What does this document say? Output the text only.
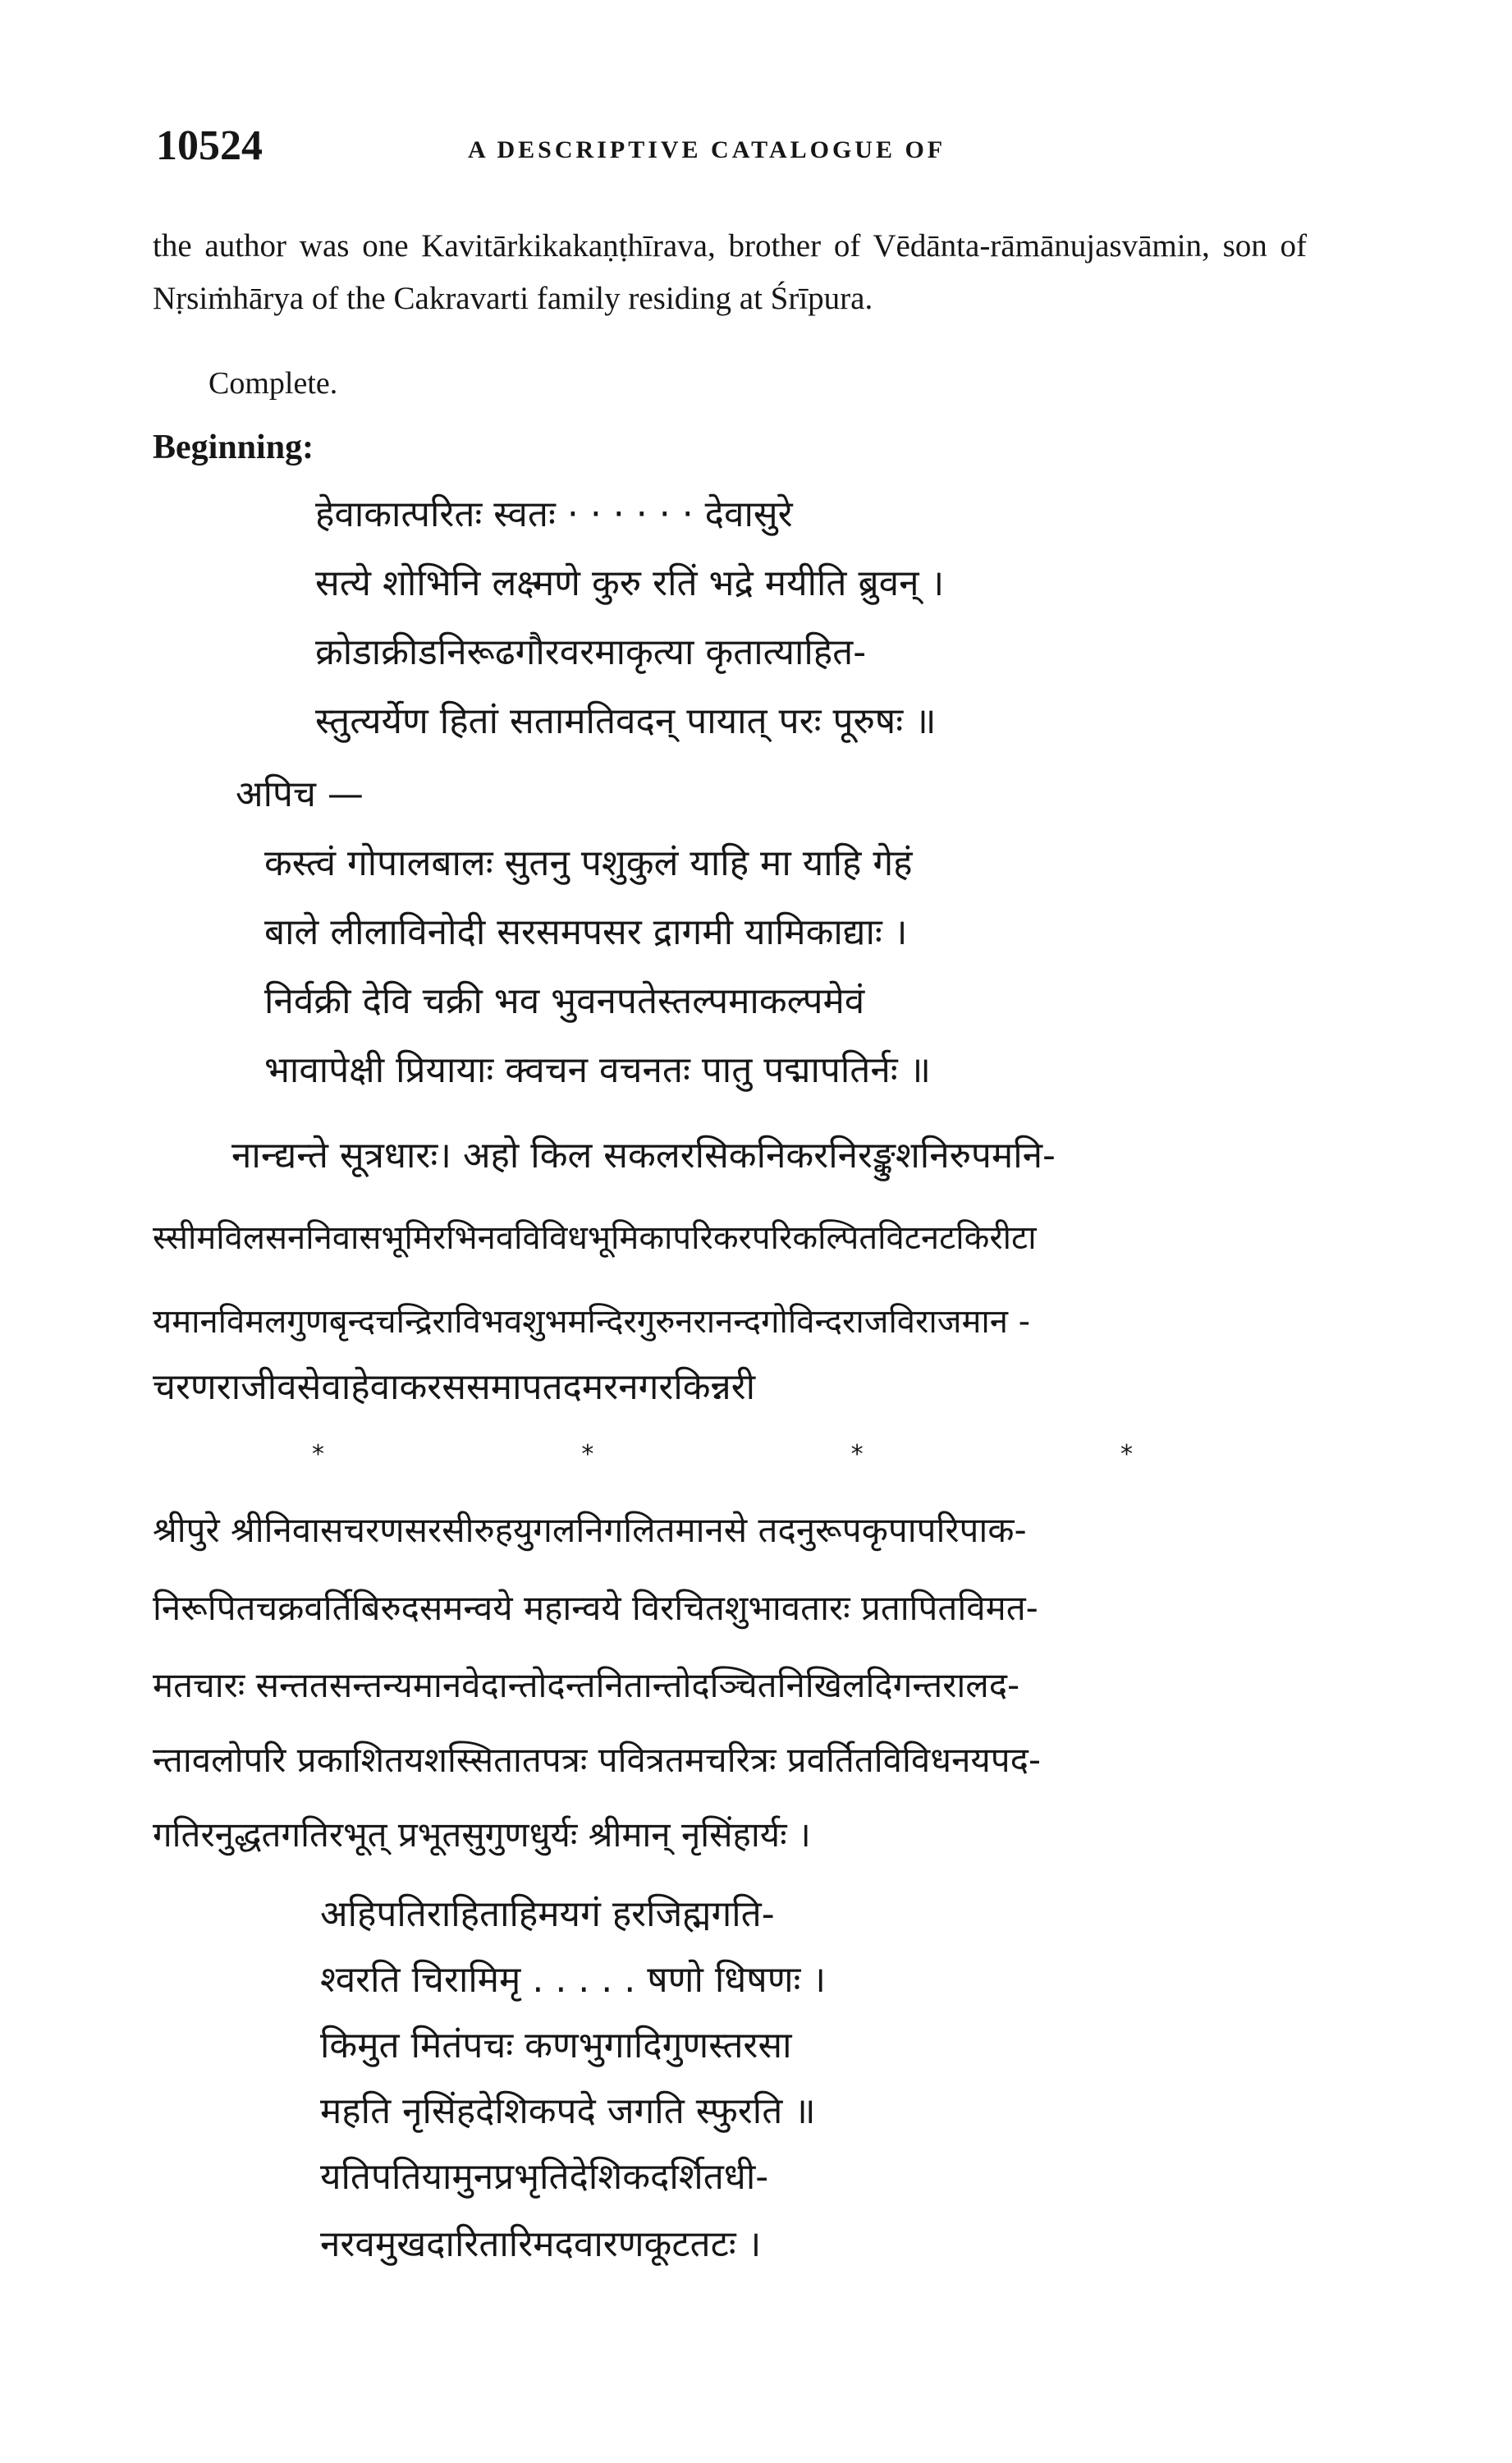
10524	A DESCRIPTIVE CATALOGUE OF

the author was one Kavitārkikakaṇṭhīrava, brother of Vēdānta-rāmānujasvāmin, son of Nṛsiṁhārya of the Cakravarti family residing at Śrīpura.

Complete.
Beginning:
हेवाकात्परितः स्वतः · · · · · · देवासुरे
सत्ये शोभिनि लक्ष्मणे कुरु रतिं भद्रे मयीति ब्रुवन् ।
क्रोडाक्रीडनिरूढगौरवरमाकृत्या कृतात्याहित-
स्तुत्यर्येण हितां सतामतिवदन् पायात् परः पूरुषः ॥
अपिच —
कस्त्वं गोपालबालः सुतनु पशुकुलं याहि मा याहि गेहं
बाले लीलाविनोदी सरसमपसर द्रागमी यामिकाद्याः ।
निर्वक्री देवि चक्री भव भुवनपतेस्तल्पमाकल्पमेवं
भावापेक्षी प्रियायाः क्वचन वचनतः पातु पद्मापतिर्नः ॥
नान्द्यन्ते सूत्रधारः। अहो किल सकलरसिकनिकरनिरङ्कुशनिरुपमनि-
स्सीमविलसननिवासभूमिरभिनवविविधभूमिकापरिकरपरिकल्पितविटनटकिरीटा
यमानविमलगुणबृन्दचन्द्रिराविभवशुभमन्दिरगुरुनरानन्दगोविन्दराजविराजमान -
चरणराजीवसेवाहेवाकरससमापतदमरनगरकिन्नरी
*	*	*	*
श्रीपुरे श्रीनिवासचरणसरसीरुहयुगलनिगलितमानसे तदनुरूपकृपापरिपाक-
निरूपितचक्रवर्तिबिरुदसमन्वये महान्वये विरचितशुभावतारः प्रतापितविमत-
मतचारः सन्ततसन्तन्यमानवेदान्तोदन्तनितान्तोदञ्चितनिखिलदिगन्तरालद-
न्तावलोपरि प्रकाशितयशस्सितातपत्रः पवित्रतमचरित्रः प्रवर्तितविविधनयपद-
गतिरनुद्धतगतिरभूत् प्रभूतसुगुणधुर्यः श्रीमान् नृसिंहार्यः ।
अहिपतिराहिताहिमयगं हरजिह्मगति-
श्वरति चिरामिमृ . . . . . षणो धिषणः ।
किमुत मितंपचः कणभुगादिगुणस्तरसा
महति नृसिंहदेशिकपदे जगति स्फुरति ॥
यतिपतियामुनप्रभृतिदेशिकदर्शितधी-
नरवमुखदारितारिमदवारणकूटतटः ।
